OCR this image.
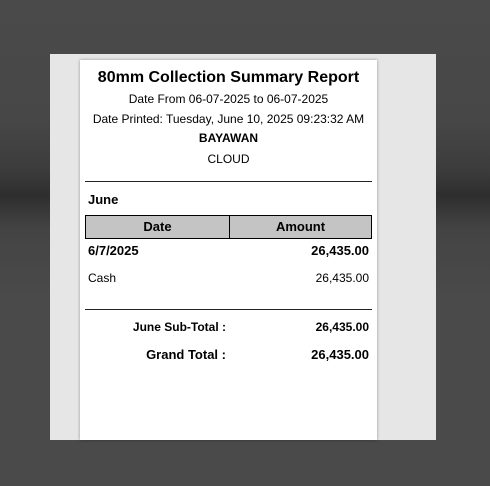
80mm Collection Summary Report
Date From 06-07-2025 to 06-07-2025
Date Printed: Tuesday, June 10, 2025 09:23:32 AM
BAYAWAN
CLOUD
June
Date	Amount
6/7/2025	26,435.00
Cash	26,435.00
June Sub-Total :	26,435.00
Grand Total :	26,435.00
